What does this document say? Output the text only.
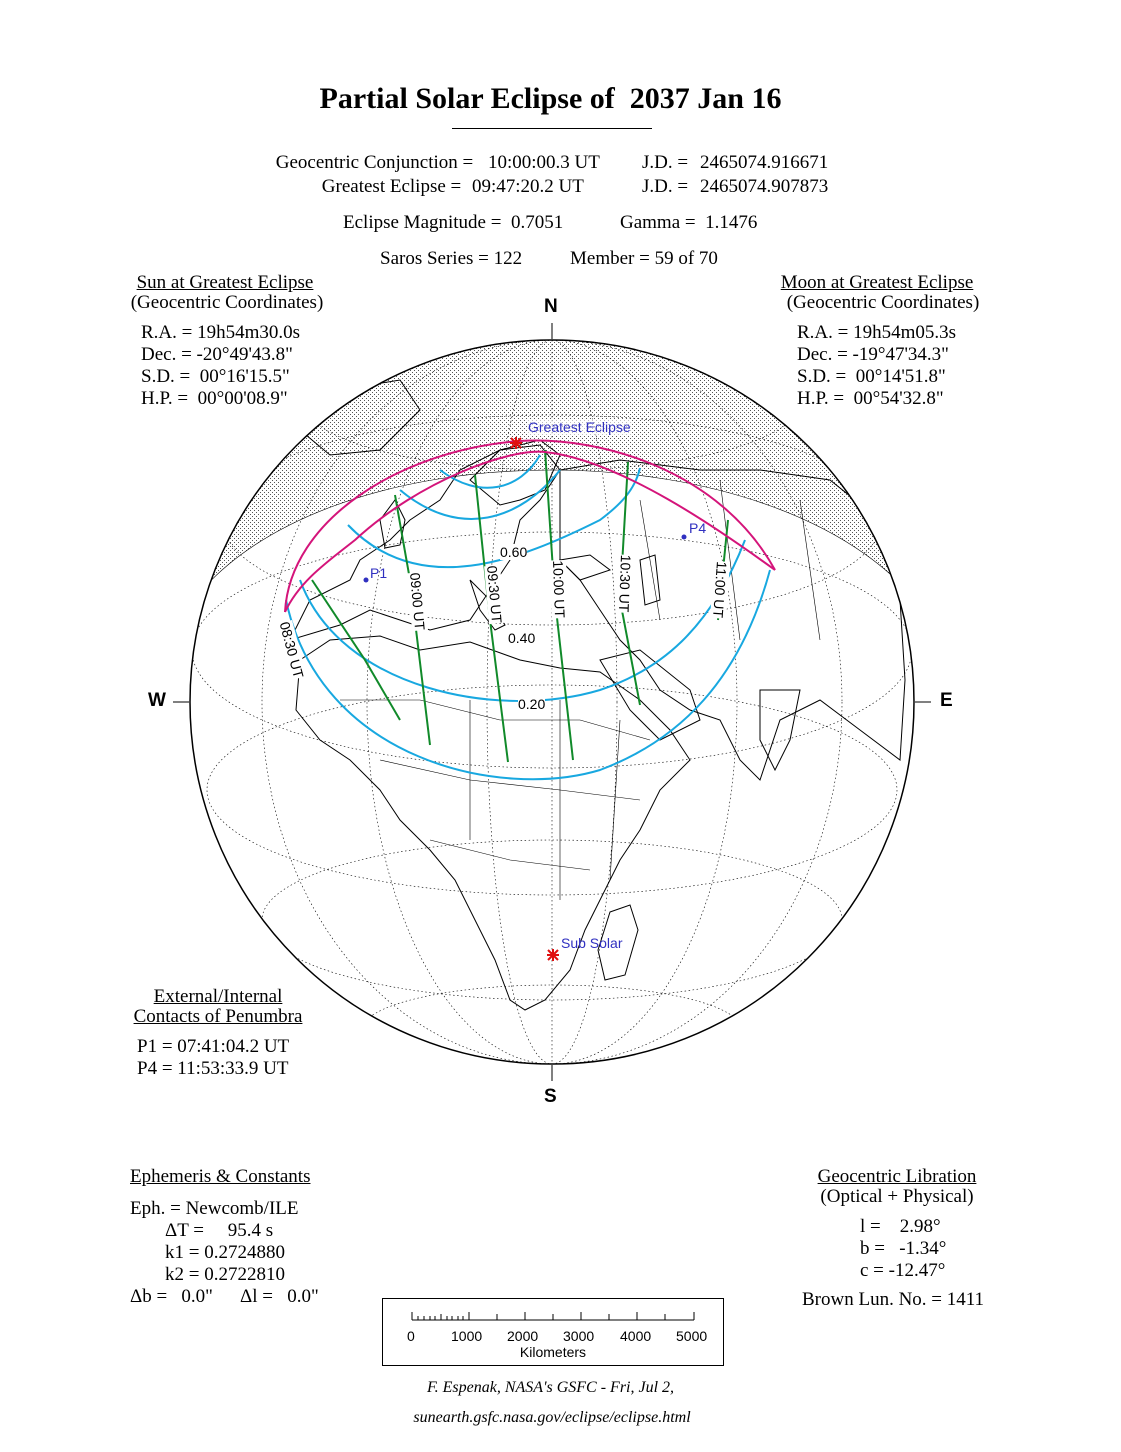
Partial Solar Eclipse of  2037 Jan 16
Geocentric Conjunction = 10:00:00.3 UT J.D. = 2465074.916671
Greatest Eclipse = 09:47:20.2 UT	J.D. = 2465074.907873
Eclipse Magnitude =  0.7051	Gamma =  1.1476
Saros Series = 122	Member = 59 of 70
Sun at Greatest Eclipse
(Geocentric Coordinates)
R.A. = 19h54m30.0s
Dec. = -20°49'43.8"
S.D. =  00°16'15.5"
H.P. =  00°00'08.9"
Moon at Greatest Eclipse
(Geocentric Coordinates)
R.A. = 19h54m05.3s
Dec. = -19°47'34.3"
S.D. =  00°14'51.8"
H.P. =  00°54'32.8"
N
S
W	E
Greatest Eclipse
Sub Solar
P1
P4
0.60
0.40
0.20
08:30 UT
09:00 UT	09:30 UT	10:00 UT	10:30 UT	11:00 UT
External/Internal
Contacts of Penumbra
P1 = 07:41:04.2 UT
P4 = 11:53:33.9 UT
Ephemeris & Constants
Eph. = Newcomb/ILE
ΔT =     95.4 s
k1 = 0.2724880
k2 = 0.2722810
Δb =   0.0" Δl =   0.0"
Geocentric Libration
(Optical + Physical)
l =    2.98°
b =   -1.34°
c = -12.47°
Brown Lun. No. = 1411
0	1000 2000 3000 4000 5000
Kilometers
F. Espenak, NASA's GSFC - Fri, Jul 2,
sunearth.gsfc.nasa.gov/eclipse/eclipse.html
